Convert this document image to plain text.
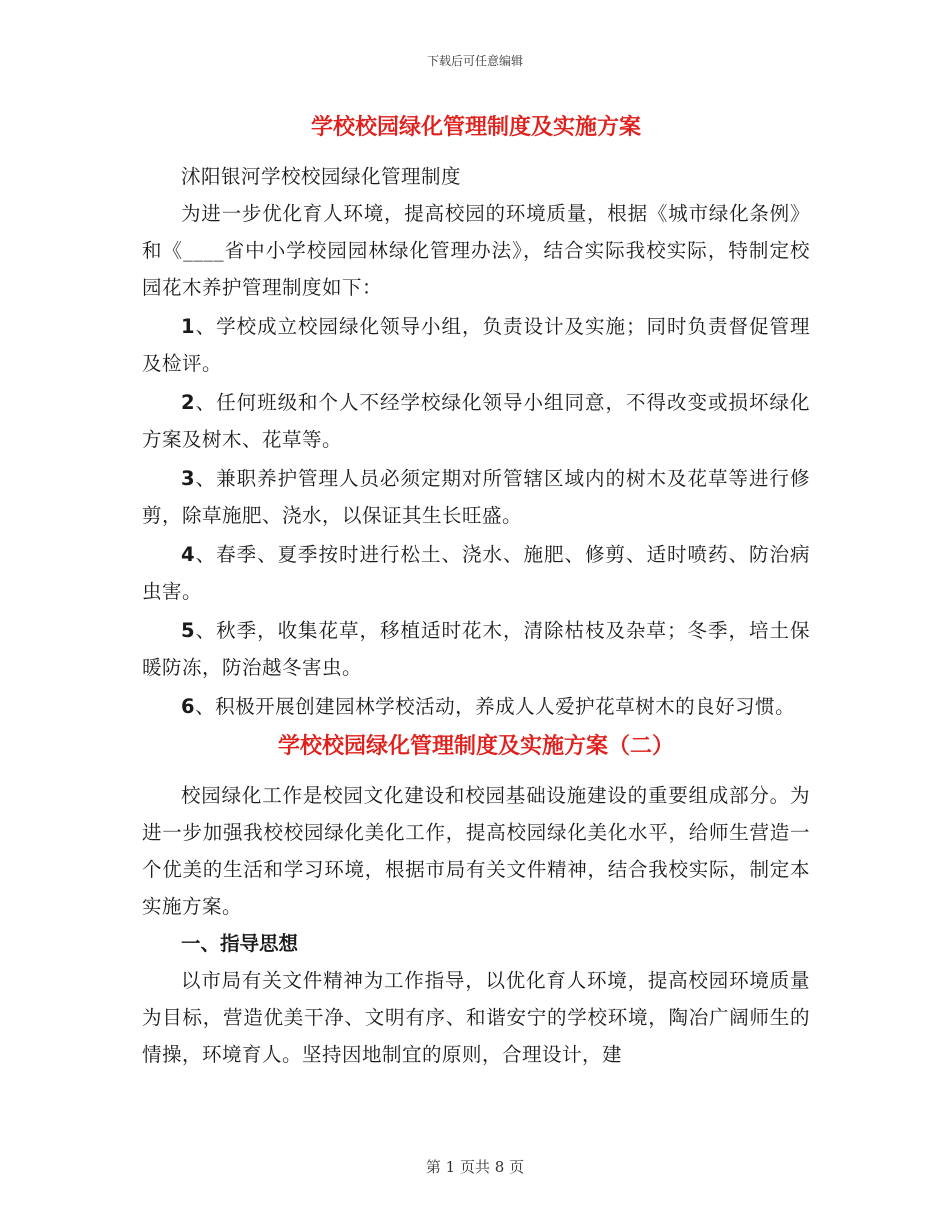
下载后可任意编辑
学校校园绿化管理制度及实施方案

沭阳银河学校校园绿化管理制度

为进一步优化育人环境，提高校园的环境质量，根据《城市绿化条例》和《____省中小学校园园林绿化管理办法》，结合实际我校实际，特制定校园花木养护管理制度如下：

1、学校成立校园绿化领导小组，负责设计及实施；同时负责督促管理及检评。

2、任何班级和个人不经学校绿化领导小组同意，不得改变或损坏绿化方案及树木、花草等。

3、兼职养护管理人员必须定期对所管辖区域内的树木及花草等进行修剪，除草施肥、浇水，以保证其生长旺盛。

4、春季、夏季按时进行松土、浇水、施肥、修剪、适时喷药、防治病虫害。

5、秋季，收集花草，移植适时花木，清除枯枝及杂草；冬季，培土保暖防冻，防治越冬害虫。

6、积极开展创建园林学校活动，养成人人爱护花草树木的良好习惯。

学校校园绿化管理制度及实施方案（二）

校园绿化工作是校园文化建设和校园基础设施建设的重要组成部分。为进一步加强我校校园绿化美化工作，提高校园绿化美化水平，给师生营造一个优美的生活和学习环境，根据市局有关文件精神，结合我校实际，制定本实施方案。

一、指导思想

以市局有关文件精神为工作指导，以优化育人环境，提高校园环境质量为目标，营造优美干净、文明有序、和谐安宁的学校环境，陶冶广阔师生的情操，环境育人。坚持因地制宜的原则，合理设计，建

第 1 页共 8 页
